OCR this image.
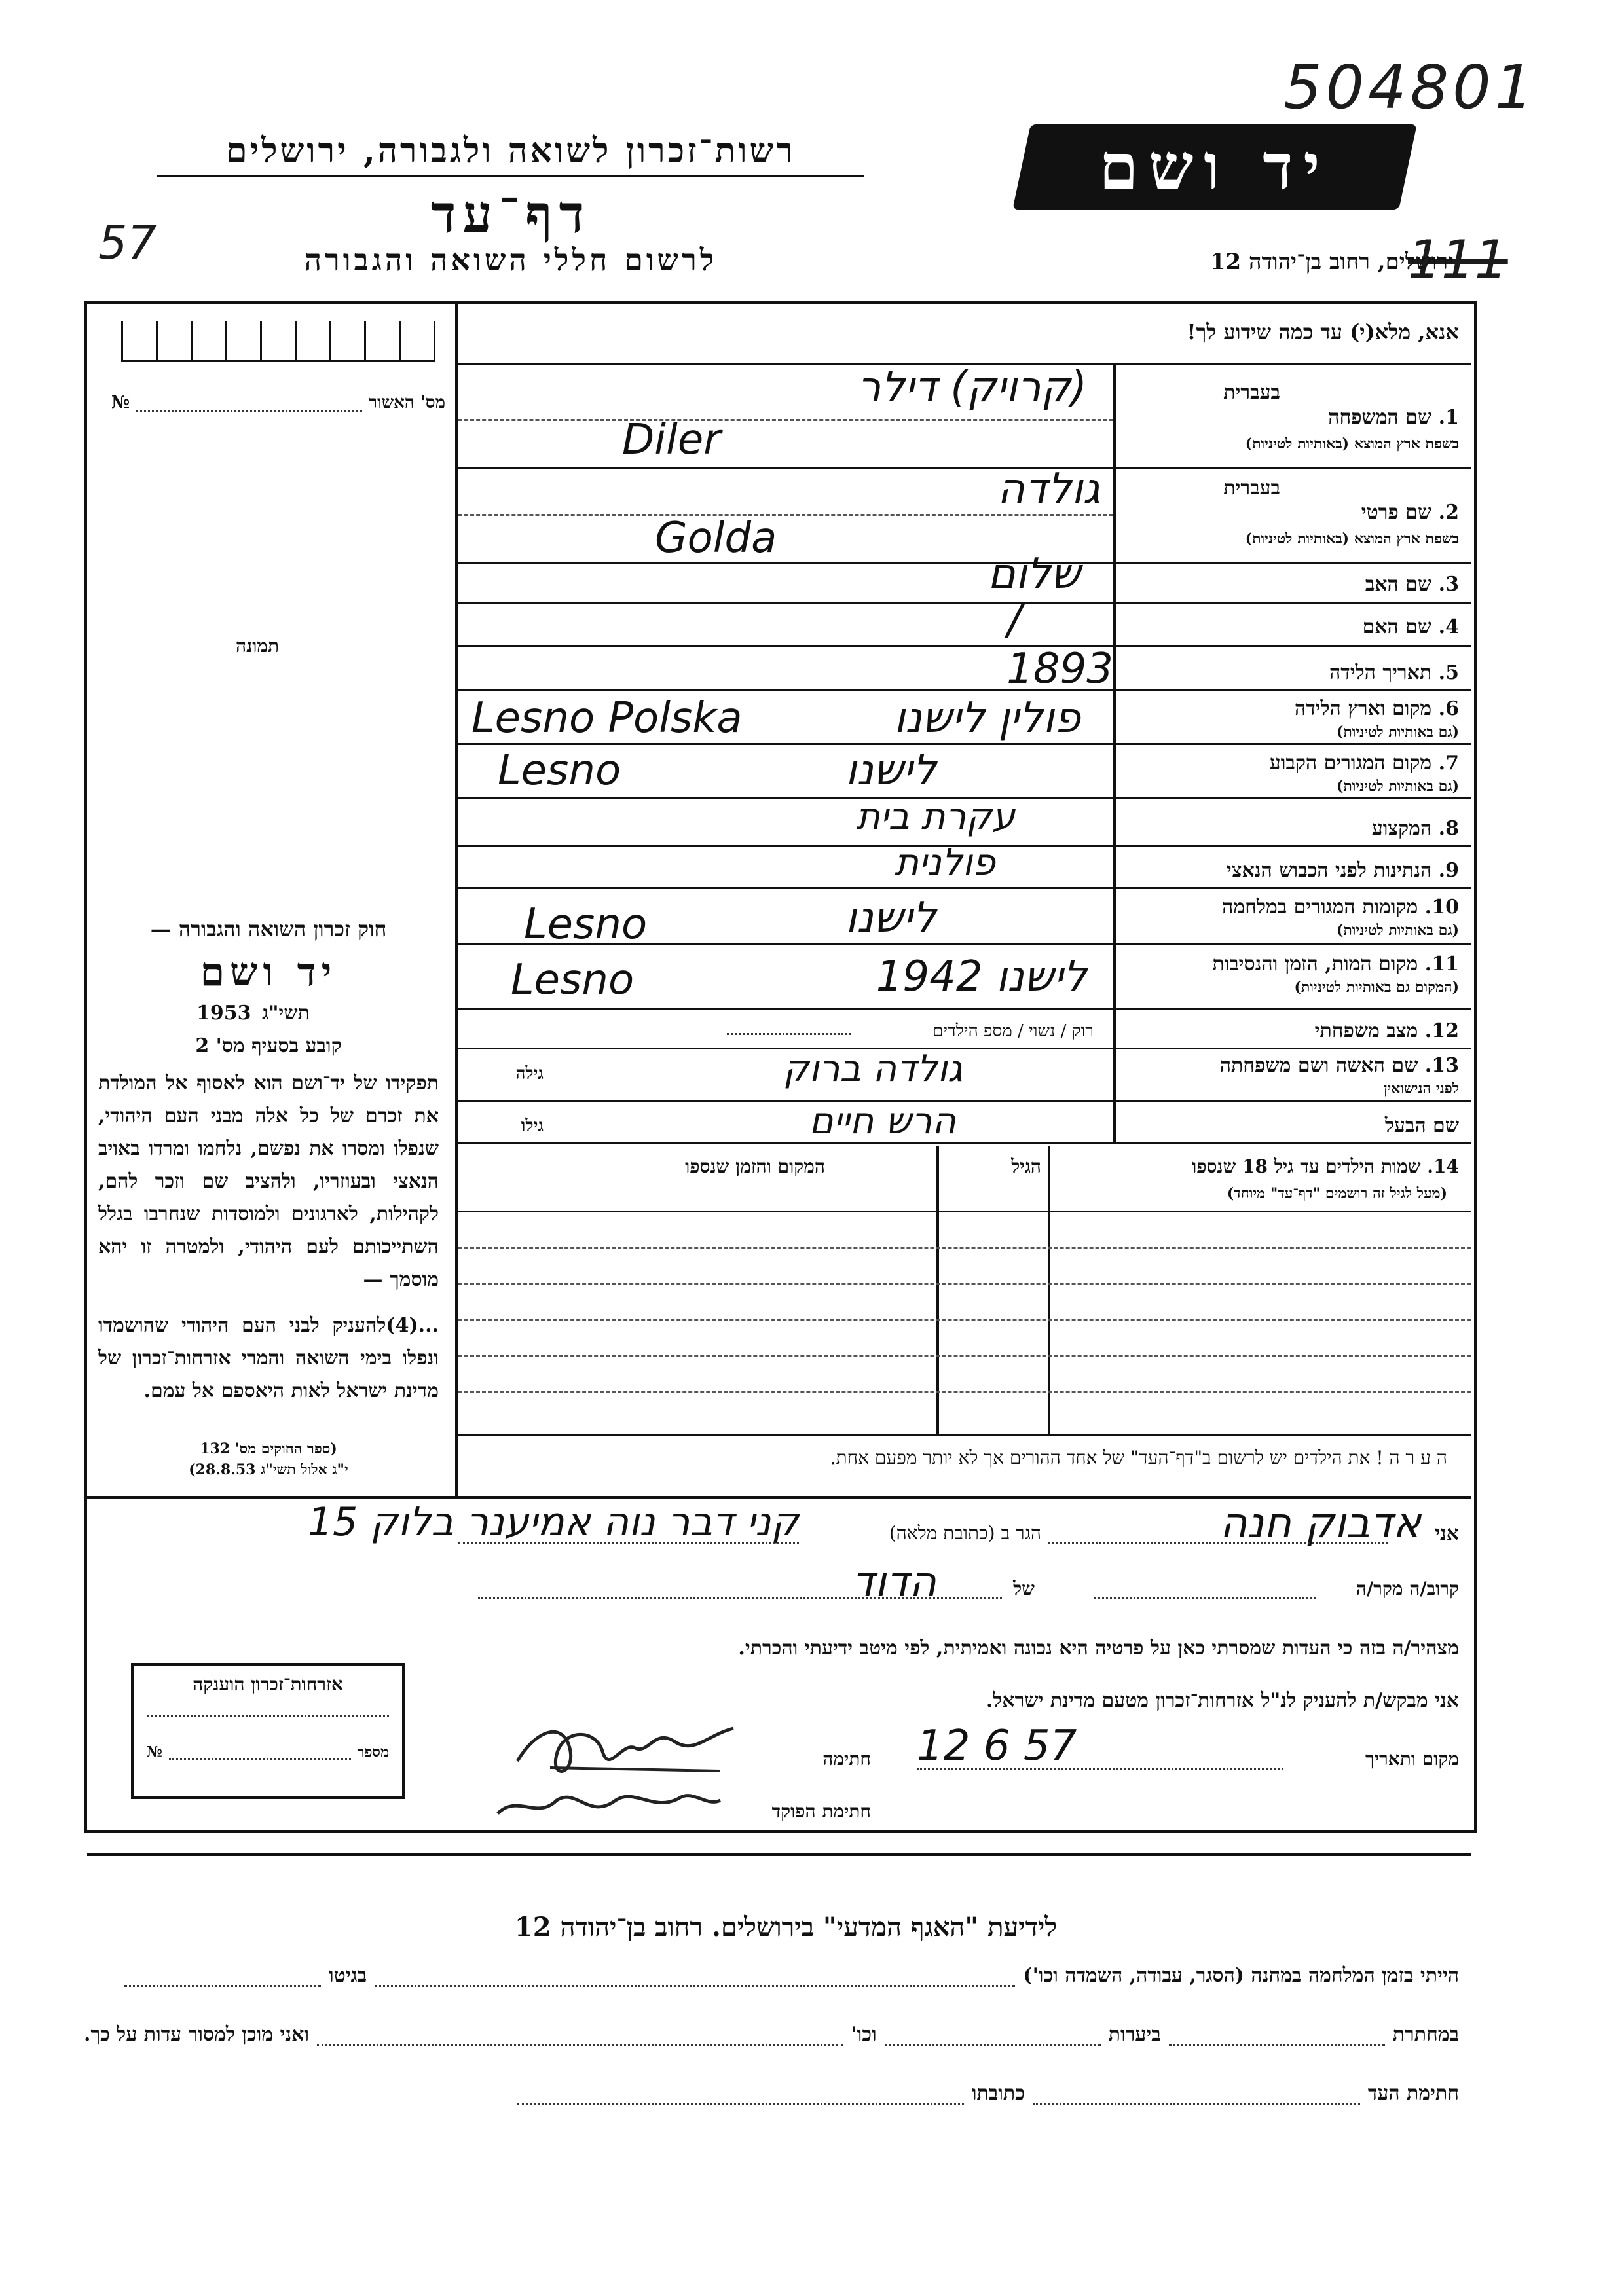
504801
57	111
רשות־זכרון לשואה ולגבורה, ירושלים
דף־עד
לרשום חללי השואה והגבורה
יד ושם
ירושלים, רחוב בן־יהודה 12
אנא, מלא(י) עד כמה שידוע לך!
מס' האשור
№
תמונה
חוק זכרון השואה והגבורה —
יד ושם
תשי"ג
1953
קובע בסעיף מס' 2
תפקידו של יד־ושם הוא לאסוף אל המולדת את זכרם של כל אלה מבני העם היהודי, שנפלו ומסרו את נפשם, נלחמו ומרדו באויב הנאצי ובעוזריו, ולהציב שם וזכר להם, לקהילות, לארגונים ולמוסדות שנחרבו בגלל השתייכותם לעם היהודי, ולמטרה זו יהא מוסמך —
...(4)להעניק לבני העם היהודי שהושמדו ונפלו בימי השואה והמרי אזרחות־זכרון של מדינת ישראל לאות היאספם אל עמם.
(ספר החוקים מס' 132
י"ג אלול תשי"ג 28.8.53)
אזרחות־זכרון הוענקה
מספר
№
בעברית
1. שם המשפחה
בשפת ארץ המוצא (באותיות לטיניות)
(קרויק) דילר
Diler
בעברית
2. שם פרטי
בשפת ארץ המוצא (באותיות לטיניות)
גולדה
Golda
3. שם האב
שלום
4. שם האם
/
5. תאריך הלידה
1893
6. מקום וארץ הלידה
(גם באותיות לטיניות)
פולין לישנו
Lesno Polska
7. מקום המגורים הקבוע
(גם באותיות לטיניות)
לישנו
Lesno
8. המקצוע
עקרת בית
9. הנתינות לפני הכבוש הנאצי
פולנית
10. מקומות המגורים במלחמה
(גם באותיות לטיניות)
לישנו
Lesno
11. מקום המות, הזמן והנסיבות
(המקום גם באותיות לטיניות)
לישנו 1942
Lesno
12. מצב משפחתי
רוק / נשוי / מספ הילדים
13. שם האשה ושם משפחתה
לפני הנישואין
גולדה ברוק
גילה
שם הבעל
הרש חיים
גילו
14. שמות הילדים עד גיל 18 שנספו
(מעל לגיל זה רושמים "דף־עד" מיוחד)
הגיל
המקום והזמן שנספו
ה ע ר ה ! את הילדים יש לרשום ב"דף־העד" של אחד ההורים אך לא יותר מפעם אחת.
אני
אדבוק חנה
הגר ב (כתובת מלאה)
קני דבר נוה אמיענר בלוק 15
קרוב/ה מקר/ה
של
הדוד
מצהיר/ה בזה כי העדות שמסרתי כאן על פרטיה היא נכונה ואמיתית, לפי מיטב ידיעתי והכרתי.
אני מבקש/ת להעניק לנ"ל אזרחות־זכרון מטעם מדינת ישראל.
מקום ותאריך
12 6 57
חתימה
חתימת הפוקד
לידיעת "האגף המדעי" בירושלים. רחוב בן־יהודה 12
הייתי בזמן המלחמה במחנה (הסגר, עבודה, השמדה וכו')
בגיטו
במחתרת
ביערות
וכו'
ואני מוכן למסור עדות על כך.
חתימת העד
כתובתו
